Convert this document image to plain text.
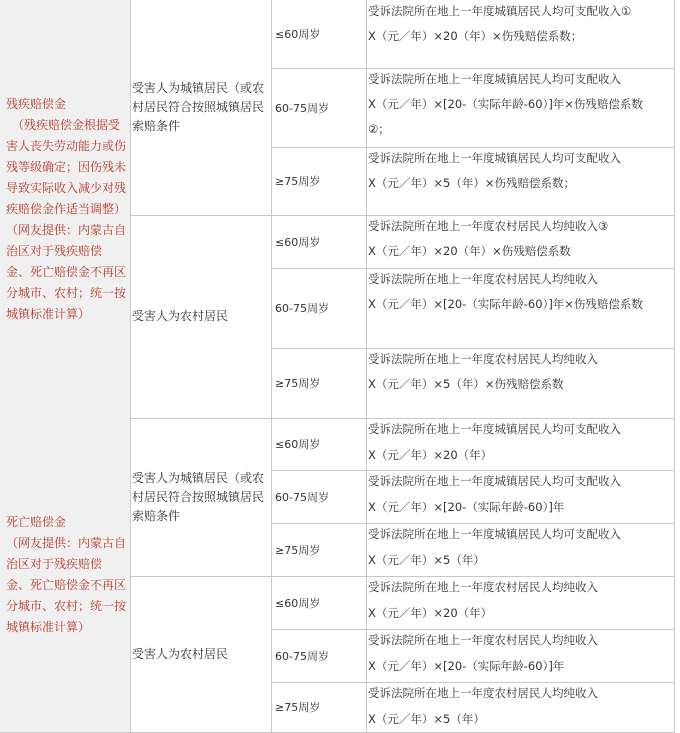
残疾赔偿金
（残疾赔偿金根据受
害人丧失劳动能力或伤
残等级确定；因伤残未
导致实际收入减少对残
疾赔偿金作适当调整）
（网友提供：内蒙古自
治区对于残疾赔偿
金、死亡赔偿金不再区
分城市、农村；统一按
城镇标准计算）
受害人为城镇居民（或农
村居民符合按照城镇居民
索赔条件
≤60周岁
受诉法院所在地上一年度城镇居民人均可支配收入①
X（元／年）×20（年）×伤残赔偿系数；
60-75周岁
受诉法院所在地上一年度城镇居民人均可支配收入
X（元／年）×[20-（实际年龄-60）]年×伤残赔偿系数
②；
≥75周岁
受诉法院所在地上一年度城镇居民人均可支配收入
X（元／年）×5（年）×伤残赔偿系数；
受害人为农村居民
≤60周岁
受诉法院所在地上一年度农村居民人均纯收入③
X（元／年）×20（年）×伤残赔偿系数
60-75周岁
受诉法院所在地上一年度农村居民人均纯收入
X（元／年）×[20-（实际年龄-60）]年×伤残赔偿系数
≥75周岁
受诉法院所在地上一年度农村居民人均纯收入
X（元／年）×5（年）×伤残赔偿系数
死亡赔偿金
（网友提供：内蒙古自
治区对于残疾赔偿
金、死亡赔偿金不再区
分城市、农村；统一按
城镇标准计算）
受害人为城镇居民（或农
村居民符合按照城镇居民
索赔条件
≤60周岁
受诉法院所在地上一年度城镇居民人均可支配收入
X（元／年）×20（年）
60-75周岁
受诉法院所在地上一年度城镇居民人均可支配收入
X（元／年）×[20-（实际年龄-60）]年
≥75周岁
受诉法院所在地上一年度城镇居民人均可支配收入
X（元／年）×5（年）
受害人为农村居民
≤60周岁
受诉法院所在地上一年度农村居民人均纯收入
X（元／年）×20（年）
60-75周岁
受诉法院所在地上一年度农村居民人均纯收入
X（元／年）×[20-（实际年龄-60）]年
≥75周岁
受诉法院所在地上一年度农村居民人均纯收入
X（元／年）×5（年）
